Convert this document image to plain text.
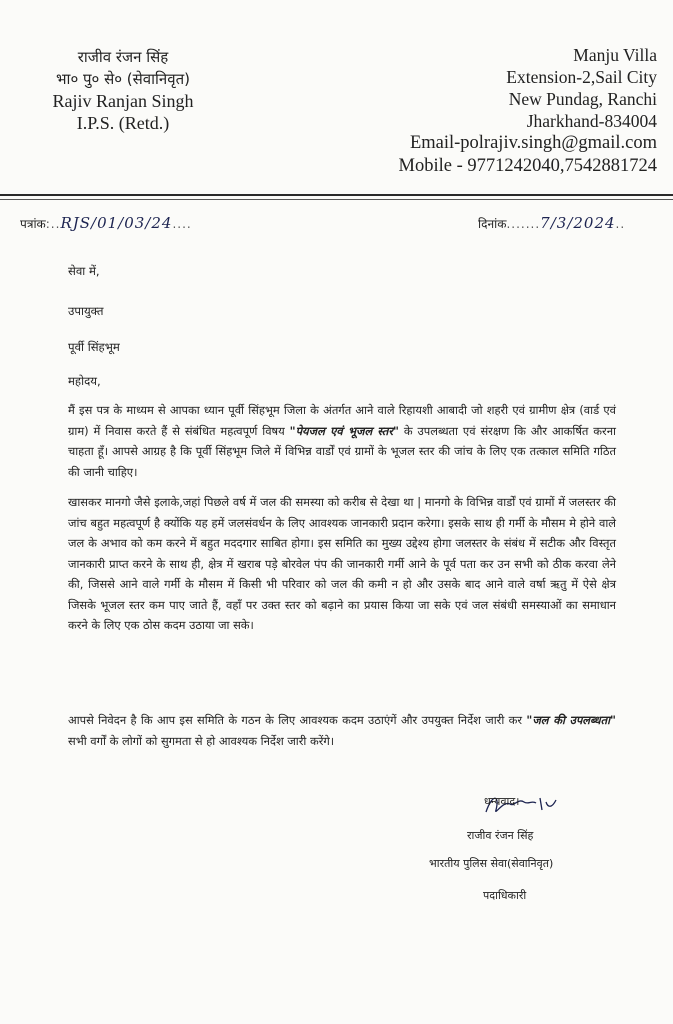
राजीव रंजन सिंह
भा० पु० से० (सेवानिवृत)
Rajiv Ranjan Singh
I.P.S. (Retd.)
Manju Villa
Extension-2,Sail City
New Pundag, Ranchi
Jharkhand-834004
Email-polrajiv.singh@gmail.com
Mobile - 9771242040,7542881724
पत्रांक:..RJS/01/03/24....	दिनांक.......7/3/2024..
सेवा में,
उपायुक्त
पूर्वी सिंहभूम
महोदय,
मैं इस पत्र के माध्यम से आपका ध्यान पूर्वी सिंहभूम जिला के अंतर्गत आने वाले रिहायशी आबादी जो शहरी एवं ग्रामीण क्षेत्र (वार्ड एवं ग्राम) में निवास करते हैं से संबंधित महत्वपूर्ण विषय "पेयजल एवं भूजल स्तर" के उपलब्धता एवं संरक्षण कि और आकर्षित करना चाहता हूँ। आपसे आग्रह है कि पूर्वी सिंहभूम जिले में विभिन्न वार्डों एवं ग्रामों के भूजल स्तर की जांच के लिए एक तत्काल समिति गठित की जानी चाहिए।
खासकर मानगो जैसे इलाके,जहां पिछले वर्ष में जल की समस्या को करीब से देखा था | मानगो के विभिन्न वार्डों एवं ग्रामों में जलस्तर की जांच बहुत महत्वपूर्ण है क्योंकि यह हमें जलसंवर्धन के लिए आवश्यक जानकारी प्रदान करेगा। इसके साथ ही गर्मी के मौसम मे होने वाले जल के अभाव को कम करने में बहुत मददगार साबित होगा। इस समिति का मुख्य उद्देश्य होगा जलस्तर के संबंध में सटीक और विस्तृत जानकारी प्राप्त करने के साथ ही, क्षेत्र में खराब पड़े बोरवेल पंप की जानकारी गर्मी आने के पूर्व पता कर उन सभी को ठीक करवा लेने की, जिससे आने वाले गर्मी के मौसम में किसी भी परिवार को जल की कमी न हो और उसके बाद आने वाले वर्षा ऋतु में ऐसे क्षेत्र जिसके भूजल स्तर कम पाए जाते हैं, वहाँ पर उक्त स्तर को बढ़ाने का प्रयास किया जा सके एवं जल संबंधी समस्याओं का समाधान करने के लिए एक ठोस कदम उठाया जा सके।
आपसे निवेदन है कि आप इस समिति के गठन के लिए आवश्यक कदम उठाएंगें और उपयुक्त निर्देश जारी कर "जल की उपलब्धता" सभी वर्गों के लोगों को सुगमता से हो आवश्यक निर्देश जारी करेंगे।
धन्यवाद।
राजीव रंजन सिंह
भारतीय पुलिस सेवा(सेवानिवृत)
पदाधिकारी
